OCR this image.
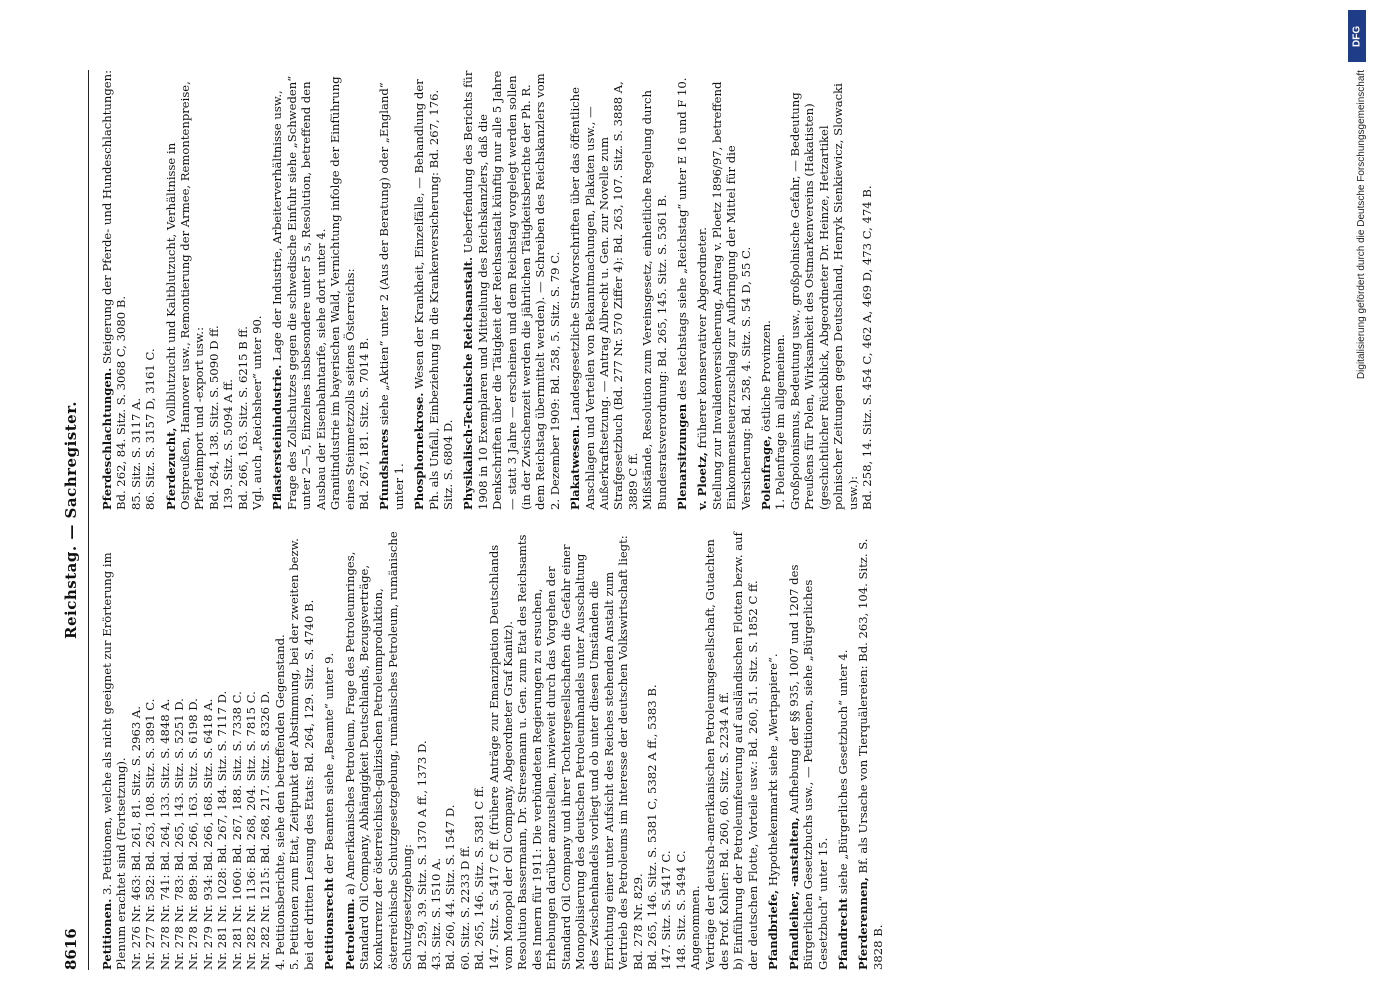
DFG
Digitalisierung gefördert durch die Deutsche Forschungsgemeinschaft
8616
Reichstag. — Sachregister.
Petitionen. 3. Petitionen, welche als nicht geeignet zur Erörterung im Plenum erachtet sind (Fortsetzung).
Nr. 276 Nr. 463: Bd. 261, 81. Sitz. S. 2963 A.
Nr. 277 Nr. 582: Bd. 263, 108. Sitz. S. 3891 C.
Nr. 278 Nr. 741: Bd. 264, 133. Sitz. S. 4848 A.
Nr. 278 Nr. 783: Bd. 265, 143. Sitz. S. 5251 D.
Nr. 278 Nr. 889: Bd. 266, 163. Sitz. S. 6198 D.
Nr. 279 Nr. 934: Bd. 266, 168. Sitz. S. 6418 A.
Nr. 281 Nr. 1028: Bd. 267, 184. Sitz. S. 7117 D.
Nr. 281 Nr. 1060: Bd. 267, 188. Sitz. S. 7338 C.
Nr. 282 Nr. 1136: Bd. 268, 204. Sitz. S. 7815 C.
Nr. 282 Nr. 1215: Bd. 268, 217. Sitz. S. 8326 D.
4. Petitionsberichte, siehe den betreffenden Gegenstand.
5. Petitionen zum Etat, Zeitpunkt der Abstimmung, bei der zweiten bezw. bei der dritten Lesung des Etats: Bd. 264, 129. Sitz. S. 4740 B. Petitionsrecht der Beamten siehe „Beamte“ unter 9.
Petroleum. a) Amerikanisches Petroleum, Frage des Petroleumringes, Standard Oil Company, Abhängigkeit Deutschlands, Bezugsverträge, Konkurrenz der österreichisch-galizischen Petroleumproduktion, österreichische Schutzgesetzgebung, rumänisches Petroleum, rumänische Schutzgesetzgebung:
Bd. 259, 39. Sitz. S. 1370 A ff., 1373 D.
43. Sitz. S. 1510 A.
Bd. 260, 44. Sitz. S. 1547 D.
60. Sitz. S. 2233 D ff.
Bd. 265, 146. Sitz. S. 5381 C ff.
147. Sitz. S. 5417 C ff. (frühere Anträge zur Emanzipation Deutschlands vom Monopol der Oil Company, Abgeordneter Graf Kanitz).
Resolution Bassermann, Dr. Stresemann u. Gen. zum Etat des Reichsamts des Innern für 1911: Die verbündeten Regierungen zu ersuchen, Erhebungen darüber anzustellen, inwieweit durch das Vorgehen der Standard Oil Company und ihrer Tochtergesellschaften die Gefahr einer Monopolisierung des deutschen Petroleumhandels unter Ausschaltung des Zwischenhandels vorliegt und ob unter diesen Umständen die Errichtung einer unter Aufsicht des Reiches stehenden Anstalt zum Vertrieb des Petroleums im Interesse der deutschen Volkswirtschaft liegt: Bd. 278 Nr. 829.
Bd. 265, 146. Sitz. S. 5381 C, 5382 A ff., 5383 B.
147. Sitz. S. 5417 C.
148. Sitz. S. 5494 C.
Angenommen.
Verträge der deutsch-amerikanischen Petroleumsgesellschaft, Gutachten des Prof. Kohler: Bd. 260, 60. Sitz. S. 2234 A ff.
b) Einführung der Petroleumfeuerung auf ausländischen Flotten bezw. auf der deutschen Flotte, Vorteile usw.: Bd. 260, 51. Sitz. S. 1852 C ff. Pfandbriefe, Hypothekenmarkt siehe „Wertpapiere“.
Pfandleiher, -anstalten, Aufhebung der §§ 935, 1007 und 1207 des Bürgerlichen Gesetzbuchs usw., — Petitionen, siehe „Bürgerliches Gesetzbuch“ unter 15. Pfandrecht siehe „Bürgerliches Gesetzbuch“ unter 4.
Pferderennen, Bf. als Ursache von Tierquälereien: Bd. 263, 104. Sitz. S. 3828 B.
Pferdeschlachtungen. Steigerung der Pferde- und Hundeschlachtungen:
Bd. 262, 84. Sitz. S. 3068 C, 3080 B.
85. Sitz. S. 3117 A.
86. Sitz. S. 3157 D, 3161 C. Pferdezucht, Vollblutzucht und Kaltblutzucht, Verhältnisse in Ostpreußen, Hannover usw., Remontierung der Armee, Remontenpreise, Pferdeimport und -export usw.:
Bd. 264, 138. Sitz. S. 5090 D ff.
139. Sitz. S. 5094 A ff.
Bd. 266, 163. Sitz. S. 6215 B ff.
Vgl. auch „Reichsheer“ unter 90. Pflastersteinindustrie. Lage der Industrie, Arbeiterverhältnisse usw., Frage des Zollschutzes gegen die schwedische Einfuhr siehe „Schweden“ unter 2—5, Einzelnes insbesondere unter 5 s, Resolution, betreffend den Ausbau der Eisenbahntarife, siehe dort unter 4.
Granitindustrie im bayerischen Wald, Vernichtung infolge der Einführung eines Steinmetzzolls seitens Österreichs:
Bd. 267, 181. Sitz. S. 7014 B. Pfundshares siehe „Aktien“ unter 2 (Aus der Beratung) oder „England“ unter 1. Phosphornekrose. Wesen der Krankheit, Einzelfälle, — Behandlung der Ph. als Unfall, Einbeziehung in die Krankenversicherung: Bd. 267, 176. Sitz. S. 6804 D. Physikalisch-Technische Reichsanstalt. Ueberfendung des Berichts für 1908 in 10 Exemplaren und Mitteilung des Reichskanzlers, daß die Denkschriften über die Tätigkeit der Reichsanstalt künftig nur alle 5 Jahre — statt 3 Jahre — erscheinen und dem Reichstag vorgelegt werden sollen (in der Zwischenzeit werden die jährlichen Tätigkeitsberichte der Ph. R. dem Reichstag übermittelt werden). — Schreiben des Reichskanzlers vom 2. Dezember 1909: Bd. 258, 5. Sitz. S. 79 C. Plakatwesen. Landesgesetzliche Strafvorschriften über das öffentliche Anschlagen und Verteilen von Bekanntmachungen, Plakaten usw., — Außerkraftsetzung. — Antrag Albrecht u. Gen. zur Novelle zum Strafgesetzbuch (Bd. 277 Nr. 570 Ziffer 4): Bd. 263, 107. Sitz. S. 3888 A, 3889 C ff.
Mißstände, Resolution zum Vereinsgesetz, einheitliche Regelung durch Bundesratsverordnung: Bd. 265, 145. Sitz. S. 5361 B. Plenarsitzungen des Reichstags siehe „Reichstag“ unter E 16 und F 10.
v. Ploetz, früherer konservativer Abgeordneter.
Stellung zur Invalidenversicherung, Antrag v. Ploetz 1896/97, betreffend Einkommensteuerzuschlag zur Aufbringung der Mittel für die Versicherung: Bd. 258, 4. Sitz. S. 54 D, 55 C. Polenfrage, östliche Provinzen.
1. Polenfrage im allgemeinen.
Großpolonismus, Bedeutung usw., großpolnische Gefahr, — Bedeutung Preußens für Polen, Wirksamkeit des Ostmarkenvereins (Hakatisten) (geschichtlicher Rückblick, Abgeordneter Dr. Heinze, Hetzartikel polnischer Zeitungen gegen Deutschland, Henryk Sienkiewicz, Slowacki usw.):
Bd. 258, 14. Sitz. S. 454 C, 462 A, 469 D, 473 C, 474 B.
